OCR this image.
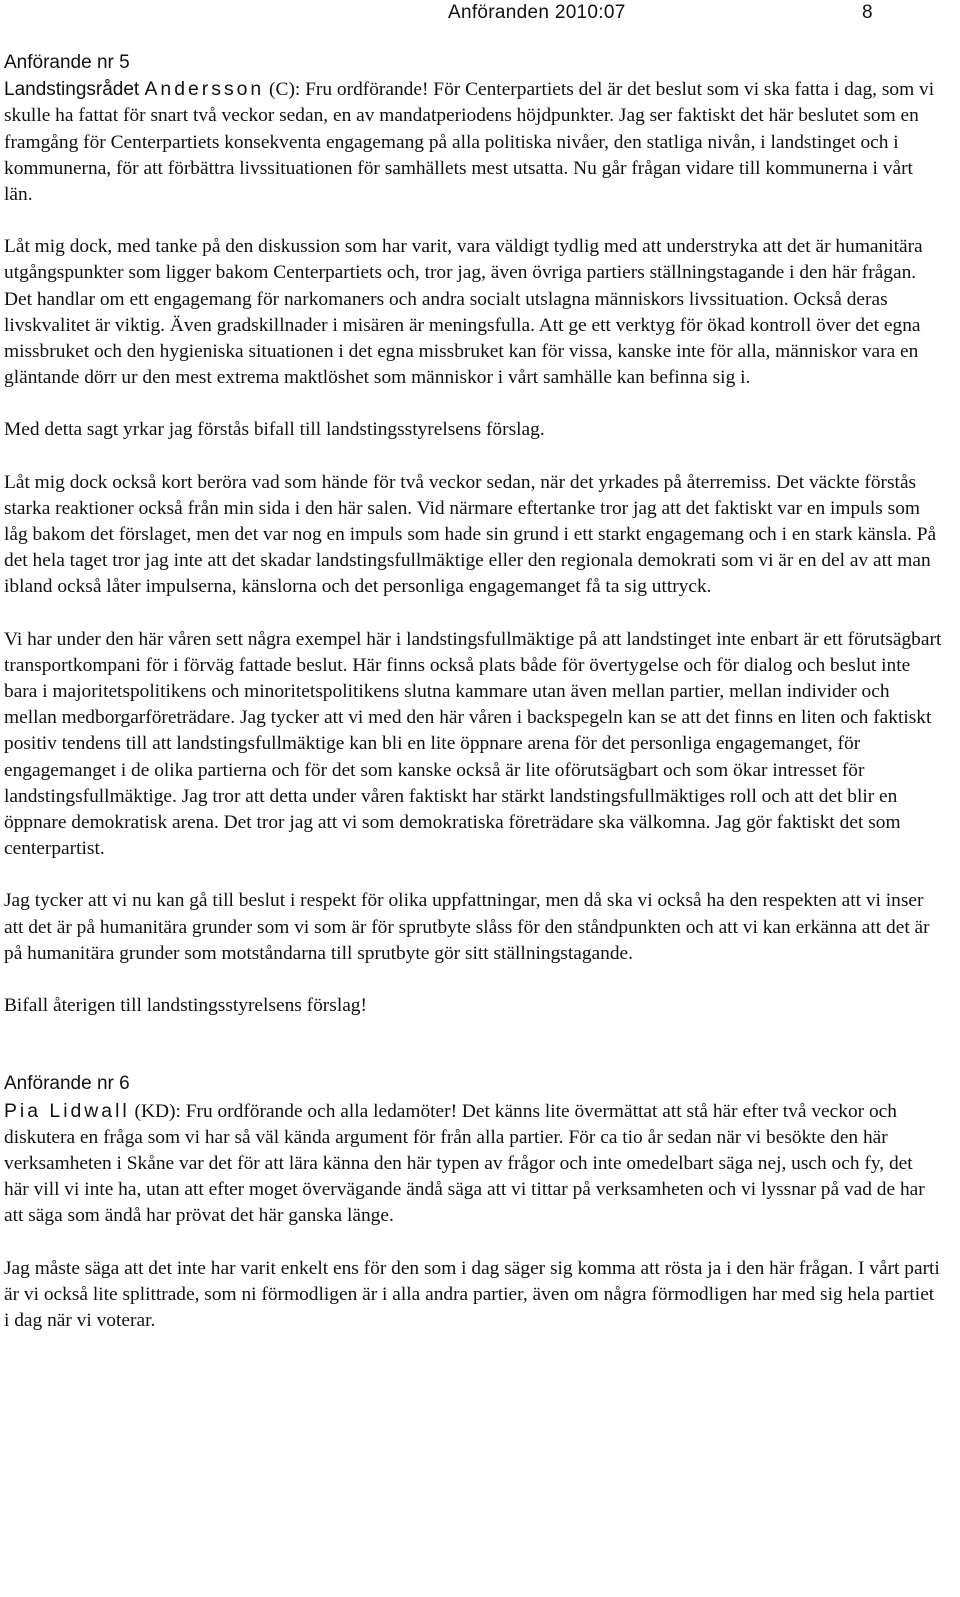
Anföranden 2010:07	8
Anförande nr 5

Landstingsrådet Andersson (C): Fru ordförande! För Centerpartiets del är det beslut som vi ska fatta i dag, som vi skulle ha fattat för snart två veckor sedan, en av mandatperiodens höjdpunkter. Jag ser faktiskt det här beslutet som en framgång för Centerpartiets konsekventa engagemang på alla politiska nivåer, den statliga nivån, i landstinget och i kommunerna, för att förbättra livssituationen för samhällets mest utsatta. Nu går frågan vidare till kommunerna i vårt län.

Låt mig dock, med tanke på den diskussion som har varit, vara väldigt tydlig med att understryka att det är humanitära utgångspunkter som ligger bakom Centerpartiets och, tror jag, även övriga partiers ställningstagande i den här frågan. Det handlar om ett engagemang för narkomaners och andra socialt utslagna människors livssituation. Också deras livskvalitet är viktig. Även gradskillnader i misären är meningsfulla. Att ge ett verktyg för ökad kontroll över det egna missbruket och den hygieniska situationen i det egna missbruket kan för vissa, kanske inte för alla, människor vara en gläntande dörr ur den mest extrema maktlöshet som människor i vårt samhälle kan befinna sig i.

Med detta sagt yrkar jag förstås bifall till landstingsstyrelsens förslag.

Låt mig dock också kort beröra vad som hände för två veckor sedan, när det yrkades på återremiss. Det väckte förstås starka reaktioner också från min sida i den här salen. Vid närmare eftertanke tror jag att det faktiskt var en impuls som låg bakom det förslaget, men det var nog en impuls som hade sin grund i ett starkt engagemang och i en stark känsla. På det hela taget tror jag inte att det skadar landstingsfullmäktige eller den regionala demokrati som vi är en del av att man ibland också låter impulserna, känslorna och det personliga engagemanget få ta sig uttryck.

Vi har under den här våren sett några exempel här i landstingsfullmäktige på att landstinget inte enbart är ett förutsägbart transportkompani för i förväg fattade beslut. Här finns också plats både för övertygelse och för dialog och beslut inte bara i majoritetspolitikens och minoritetspolitikens slutna kammare utan även mellan partier, mellan individer och mellan medborgarföreträdare. Jag tycker att vi med den här våren i backspegeln kan se att det finns en liten och faktiskt positiv tendens till att landstingsfullmäktige kan bli en lite öppnare arena för det personliga engagemanget, för engagemanget i de olika partierna och för det som kanske också är lite oförutsägbart och som ökar intresset för landstingsfullmäktige. Jag tror att detta under våren faktiskt har stärkt landstingsfullmäktiges roll och att det blir en öppnare demokratisk arena. Det tror jag att vi som demokratiska företrädare ska välkomna. Jag gör faktiskt det som centerpartist.

Jag tycker att vi nu kan gå till beslut i respekt för olika uppfattningar, men då ska vi också ha den respekten att vi inser att det är på humanitära grunder som vi som är för sprutbyte slåss för den ståndpunkten och att vi kan erkänna att det är på humanitära grunder som motståndarna till sprutbyte gör sitt ställningstagande.

Bifall återigen till landstingsstyrelsens förslag!

Anförande nr 6

Pia Lidwall (KD): Fru ordförande och alla ledamöter! Det känns lite övermättat att stå här efter två veckor och diskutera en fråga som vi har så väl kända argument för från alla partier. För ca tio år sedan när vi besökte den här verksamheten i Skåne var det för att lära känna den här typen av frågor och inte omedelbart säga nej, usch och fy, det här vill vi inte ha, utan att efter moget övervägande ändå säga att vi tittar på verksamheten och vi lyssnar på vad de har att säga som ändå har prövat det här ganska länge.

Jag måste säga att det inte har varit enkelt ens för den som i dag säger sig komma att rösta ja i den här frågan. I vårt parti är vi också lite splittrade, som ni förmodligen är i alla andra partier, även om några förmodligen har med sig hela partiet i dag när vi voterar.
